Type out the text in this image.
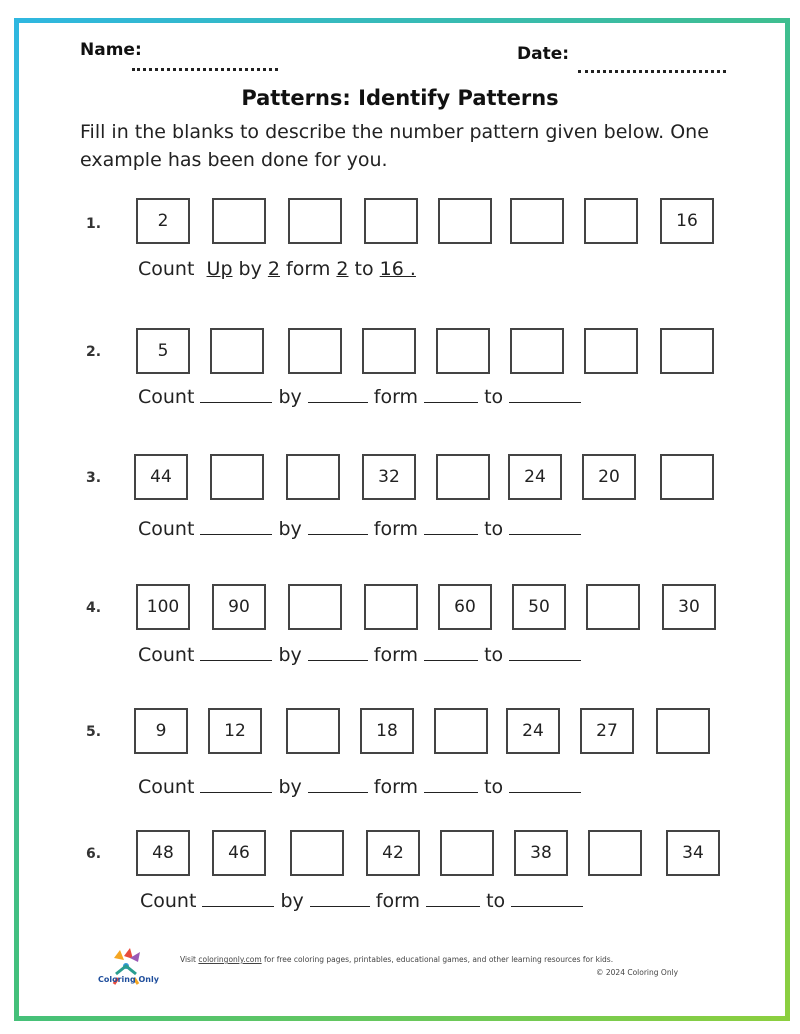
Name:	Date:
Patterns: Identify Patterns
Fill in the blanks to describe the number pattern given below. One example has been done for you.
1.	2	16
Count Up by 2 form 2 to 16 .
2.	5
Count	by	form	to
3.	44	32	24	20
Count	by	form	to
4.	100	90	60	50	30
Count	by	form	to
5.	9	12	18	24	27
Count	by	form	to
6.	48	46	42	38	34
Count	by	form	to
Coloring Only
Visit coloringonly.com for free coloring pages, printables, educational games, and other learning resources for kids.
© 2024 Coloring Only
